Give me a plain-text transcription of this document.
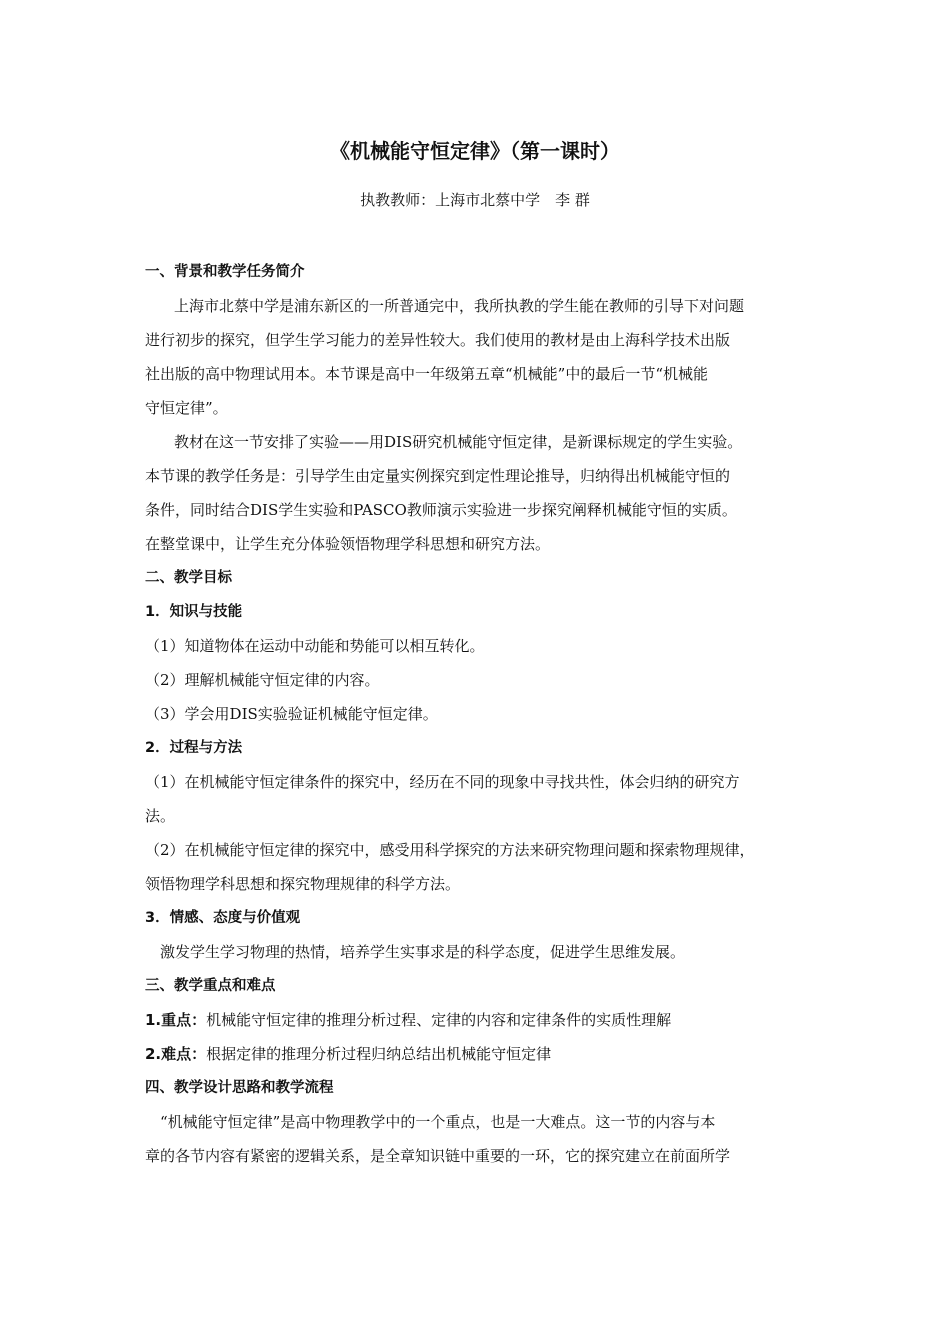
《机械能守恒定律》（第一课时）
执教教师：上海市北蔡中学　李 群
一、背景和教学任务简介
上海市北蔡中学是浦东新区的一所普通完中，我所执教的学生能在教师的引导下对问题
进行初步的探究，但学生学习能力的差异性较大。我们使用的教材是由上海科学技术出版
社出版的高中物理试用本。本节课是高中一年级第五章“机械能”中的最后一节“机械能
守恒定律”。
教材在这一节安排了实验——用DIS研究机械能守恒定律，是新课标规定的学生实验。
本节课的教学任务是：引导学生由定量实例探究到定性理论推导，归纳得出机械能守恒的
条件，同时结合DIS学生实验和PASCO教师演示实验进一步探究阐释机械能守恒的实质。
在整堂课中，让学生充分体验领悟物理学科思想和研究方法。
二、教学目标
1．知识与技能
（1）知道物体在运动中动能和势能可以相互转化。
（2）理解机械能守恒定律的内容。
（3）学会用DIS实验验证机械能守恒定律。
2．过程与方法
（1）在机械能守恒定律条件的探究中，经历在不同的现象中寻找共性，体会归纳的研究方
法。
（2）在机械能守恒定律的探究中，感受用科学探究的方法来研究物理问题和探索物理规律，
领悟物理学科思想和探究物理规律的科学方法。
3．情感、态度与价值观
激发学生学习物理的热情，培养学生实事求是的科学态度，促进学生思维发展。
三、教学重点和难点
1.重点：机械能守恒定律的推理分析过程、定律的内容和定律条件的实质性理解
2.难点：根据定律的推理分析过程归纳总结出机械能守恒定律
四、教学设计思路和教学流程
“机械能守恒定律”是高中物理教学中的一个重点，也是一大难点。这一节的内容与本
章的各节内容有紧密的逻辑关系，是全章知识链中重要的一环，它的探究建立在前面所学
